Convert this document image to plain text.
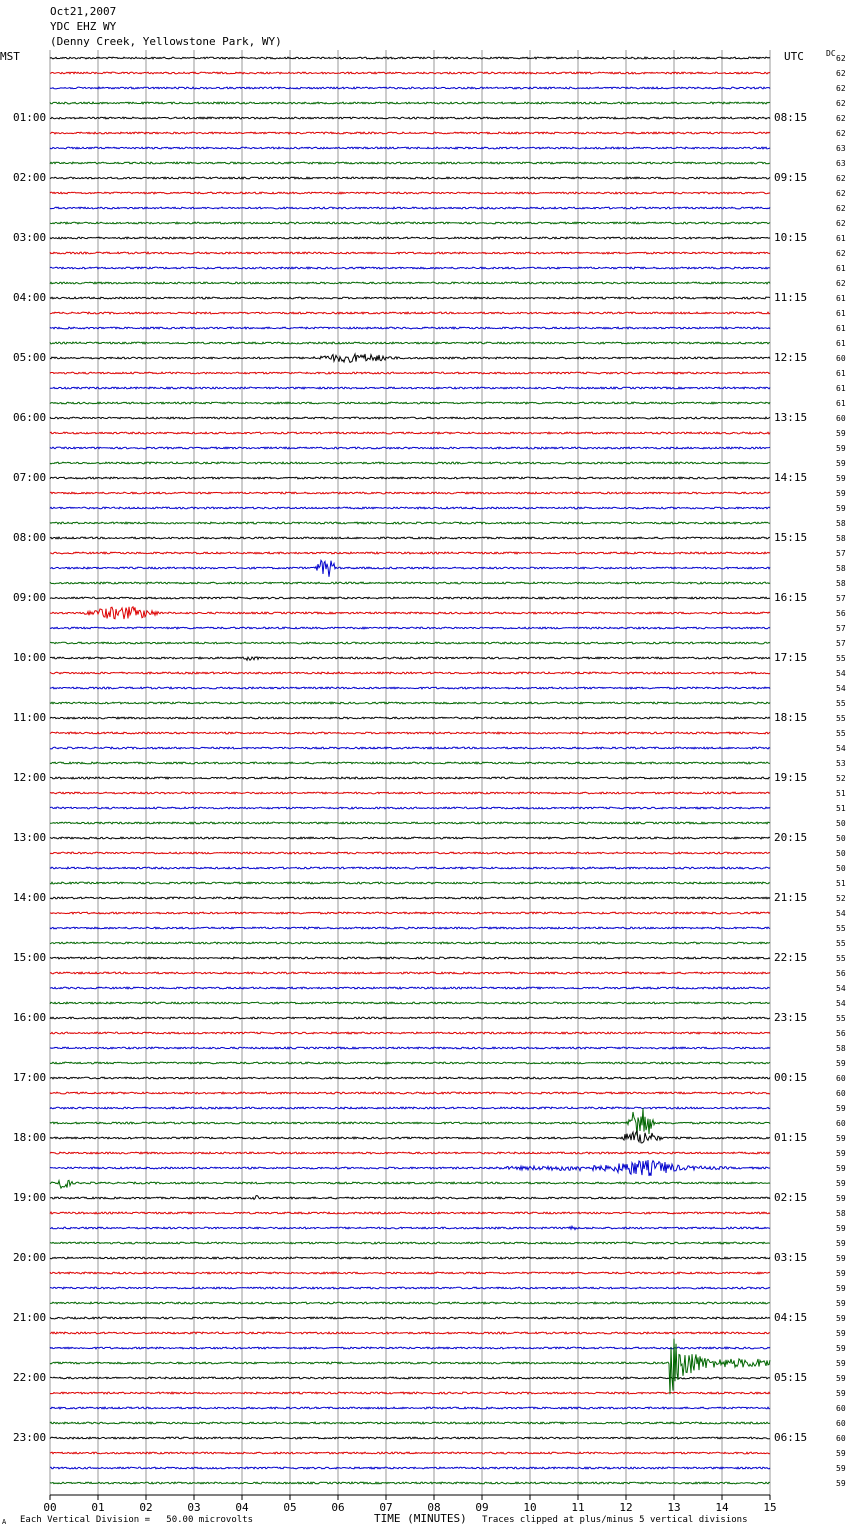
00	01	02	03	04	05	06	07	08	09	10	11	12	13	14	15
Oct21,2007
YDC EHZ WY
(Denny Creek, Yellowstone Park, WY)
MST	UTC	DC
01:00	08:15
02:00	09:15
03:00	10:15
04:00	11:15
05:00	12:15
06:00	13:15
07:00	14:15
08:00	15:15
09:00	16:15
10:00	17:15
11:00	18:15
12:00	19:15
13:00	20:15
14:00	21:15
15:00	22:15
16:00	23:15
17:00	00:15
18:00	01:15
19:00	02:15
20:00	03:15
21:00	04:15
22:00	05:15
23:00	06:15
62
62
62
62
62
62
63
63
62
62
62
62
61
62
61
62
61
61
61
61
60
61
61
61
60
59
59
59
59
59
59
58
58
57
58
58
57
56
57
57
55
54
54
55
55
55
54
53
52
51
51
50
50
50
50
51
52
54
55
55
55
56
54
54
55
56
58
59
60
60
59
60
59
59
59
59
59
58
59
59
59
59
59
59
59
59
59
59
59
59
60
60
60
59
59
59
A Each Vertical Division =   50.00 microvolts	TIME (MINUTES) Traces clipped at plus/minus 5 vertical divisions
